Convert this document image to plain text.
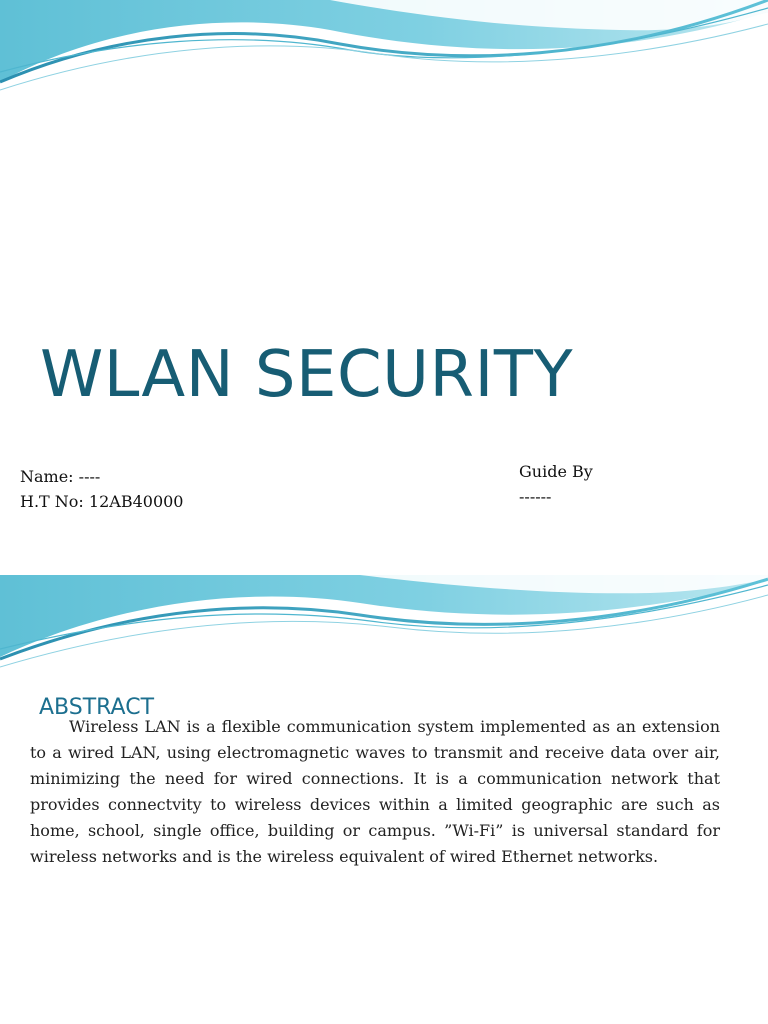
WLAN SECURITY
Name: ----
H.T No: 12AB40000
Guide By
------
ABSTRACT

Wireless LAN is a flexible communication system implemented as an extension to a wired LAN, using electromagnetic waves to transmit and receive data over air, minimizing the need for wired connections. It is a communication network that provides connectvity to wireless devices within a limited geographic are such as home, school, single office, building or campus. ”Wi-Fi” is universal standard for wireless networks and is the wireless equivalent of wired Ethernet networks.
